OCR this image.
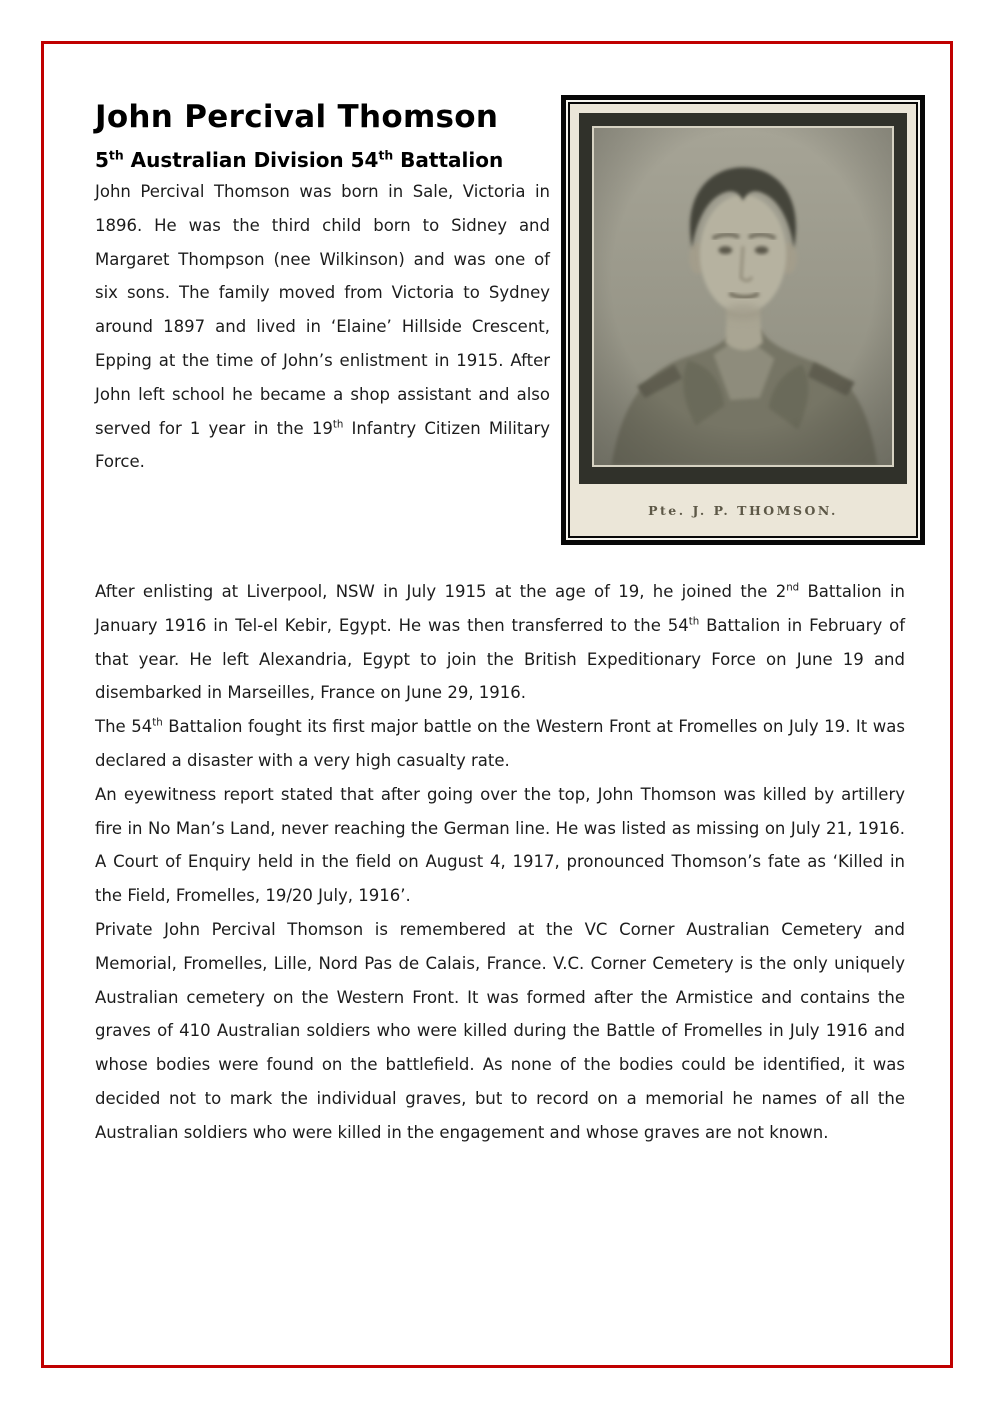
Pte. J. P. THOMSON.
John Percival Thomson
5th Australian Division 54th Battalion

John Percival Thomson was born in Sale, Victoria in 1896. He was the third child born to Sidney and Margaret Thompson (nee Wilkinson) and was one of six sons. The family moved from Victoria to Sydney around 1897 and lived in ‘Elaine’ Hillside Crescent, Epping at the time of John’s enlistment in 1915. After John left school he became a shop assistant and also served for 1 year in the 19th Infantry Citizen Military Force.

After enlisting at Liverpool, NSW in July 1915 at the age of 19, he joined the 2nd Battalion in January 1916 in Tel-el Kebir, Egypt. He was then transferred to the 54th Battalion in February of that year. He left Alexandria, Egypt to join the British Expeditionary Force on June 19 and disembarked in Marseilles, France on June 29, 1916.

The 54th Battalion fought its first major battle on the Western Front at Fromelles on July 19. It was declared a disaster with a very high casualty rate.

An eyewitness report stated that after going over the top, John Thomson was killed by artillery fire in No Man’s Land, never reaching the German line. He was listed as missing on July 21, 1916. A Court of Enquiry held in the field on August 4, 1917, pronounced Thomson’s fate as ‘Killed in the Field, Fromelles, 19/20 July, 1916’.

Private John Percival Thomson is remembered at the VC Corner Australian Cemetery and Memorial, Fromelles, Lille, Nord Pas de Calais, France. V.C. Corner Cemetery is the only uniquely Australian cemetery on the Western Front. It was formed after the Armistice and contains the graves of 410 Australian soldiers who were killed during the Battle of Fromelles in July 1916 and whose bodies were found on the battlefield. As none of the bodies could be identified, it was decided not to mark the individual graves, but to record on a memorial he names of all the Australian soldiers who were killed in the engagement and whose graves are not known.
